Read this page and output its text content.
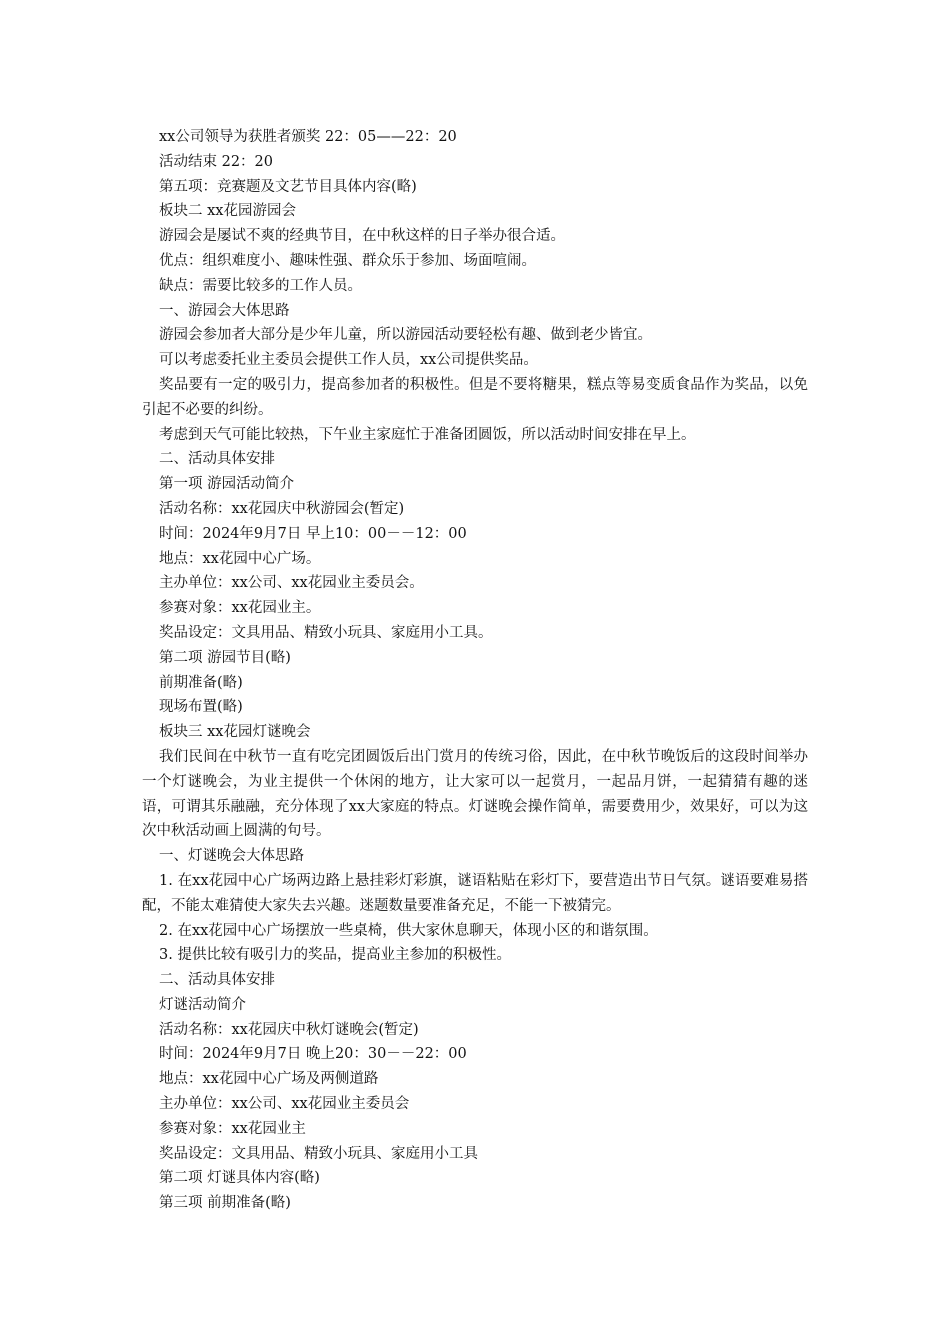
xx公司领导为获胜者颁奖 22：05——22：20
活动结束 22：20
第五项：竞赛题及文艺节目具体内容(略)
板块二 xx花园游园会
游园会是屡试不爽的经典节目，在中秋这样的日子举办很合适。
优点：组织难度小、趣味性强、群众乐于参加、场面喧闹。
缺点：需要比较多的工作人员。
一、游园会大体思路
游园会参加者大部分是少年儿童，所以游园活动要轻松有趣、做到老少皆宜。
可以考虑委托业主委员会提供工作人员，xx公司提供奖品。

奖品要有一定的吸引力，提高参加者的积极性。但是不要将糖果，糕点等易变质食品作为奖品，以免引起不必要的纠纷。

考虑到天气可能比较热，下午业主家庭忙于准备团圆饭，所以活动时间安排在早上。
二、活动具体安排
第一项 游园活动简介
活动名称：xx花园庆中秋游园会(暂定)
时间：2024年9月7日 早上10：00－－12：00
地点：xx花园中心广场。
主办单位：xx公司、xx花园业主委员会。
参赛对象：xx花园业主。
奖品设定：文具用品、精致小玩具、家庭用小工具。
第二项 游园节目(略)
前期准备(略)
现场布置(略)
板块三 xx花园灯谜晚会

我们民间在中秋节一直有吃完团圆饭后出门赏月的传统习俗，因此，在中秋节晚饭后的这段时间举办一个灯谜晚会，为业主提供一个休闲的地方，让大家可以一起赏月，一起品月饼，一起猜猜有趣的迷语，可谓其乐融融，充分体现了xx大家庭的特点。灯谜晚会操作简单，需要费用少，效果好，可以为这次中秋活动画上圆满的句号。

一、灯谜晚会大体思路

1. 在xx花园中心广场两边路上悬挂彩灯彩旗，谜语粘贴在彩灯下，要营造出节日气氛。谜语要难易搭配，不能太难猜使大家失去兴趣。迷题数量要准备充足，不能一下被猜完。

2. 在xx花园中心广场摆放一些桌椅，供大家休息聊天，体现小区的和谐氛围。
3. 提供比较有吸引力的奖品，提高业主参加的积极性。
二、活动具体安排
灯谜活动简介
活动名称：xx花园庆中秋灯谜晚会(暂定)
时间：2024年9月7日 晚上20：30－－22：00
地点：xx花园中心广场及两侧道路
主办单位：xx公司、xx花园业主委员会
参赛对象：xx花园业主
奖品设定：文具用品、精致小玩具、家庭用小工具
第二项 灯谜具体内容(略)
第三项 前期准备(略)
